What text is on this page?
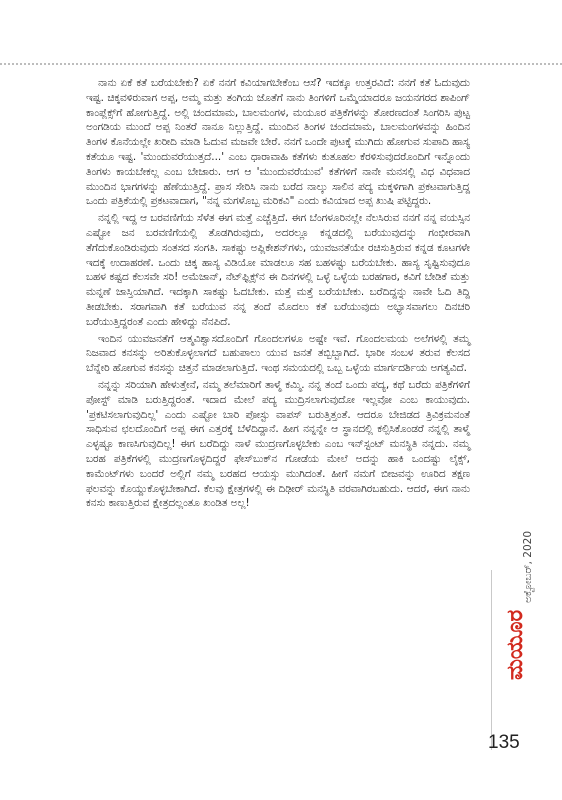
ನಾನು ಏಕೆ ಕತೆ ಬರೆಯಬೇಕು? ಏಕೆ ನನಗೆ ಕವಿಯಾಗಬೇಕೆಂಬ ಆಸೆ? ಇದಕ್ಕೂ ಉತ್ತರವಿದೆ: ನನಗೆ ಕತೆ ಓದುವುದು ಇಷ್ಟ. ಚಿಕ್ಕವಳಿರುವಾಗ ಅಪ್ಪ, ಅಮ್ಮ ಮತ್ತು ತಂಗಿಯ ಜೊತೆಗೆ ನಾನು ತಿಂಗಳಿಗೆ ಒಮ್ಮೆಯಾದರೂ ಜಯನಗರದ ಶಾಪಿಂಗ್ ಕಾಂಪ್ಲೆಕ್ಸ್‌ಗೆ ಹೋಗುತ್ತಿದ್ದೆ. ಅಲ್ಲಿ ಚಂದಮಾಮ, ಬಾಲಮಂಗಳ, ಮಯೂರ ಪತ್ರಿಕೆಗಳನ್ನು ತೋರಣದಂತೆ ಸಿಂಗರಿಸಿ ಪುಟ್ಟ ಅಂಗಡಿಯ ಮುಂದೆ ಅಪ್ಪ ನಿಂತರೆ ನಾನೂ ನಿಲ್ಲುತ್ತಿದ್ದೆ. ಮುಂದಿನ ತಿಂಗಳ ಚಂದಮಾಮ, ಬಾಲಮಂಗಳವನ್ನು ಹಿಂದಿನ ತಿಂಗಳ ಕೊನೆಯಲ್ಲೇ ಖರೀದಿ ಮಾಡಿ ಓದುವ ಮಜವೇ ಬೇರೆ. ನನಗೆ ಒಂದೇ ಪುಟಕ್ಕೆ ಮುಗಿದು ಹೋಗುವ ಸುಪಾದಿ ಹಾಸ್ಯ ಕತೆಯೂ ಇಷ್ಟ. 'ಮುಂದುವರೆಯುತ್ತದೆ...' ಎಂಬ ಧಾರಾವಾಹಿ ಕತೆಗಳು ಕುತೂಹಲ ಕೆರಳಿಸುವುದರೊಂದಿಗೆ ಇನ್ನೊಂದು ತಿಂಗಳು ಕಾಯಬೇಕಲ್ಲ ಎಂಬ ಬೇಜಾರು. ಆಗ ಆ 'ಮುಂದುವರೆಯುವ' ಕತೆಗಳಿಗೆ ನಾನೇ ಮನಸಲ್ಲಿ ವಿಧ ವಿಧವಾದ ಮುಂದಿನ ಭಾಗಗಳನ್ನು ಹೆಣೆಯುತ್ತಿದ್ದೆ. ಪ್ರಾಸ ಸೇರಿಸಿ ನಾನು ಬರೆದ ನಾಲ್ಕು ಸಾಲಿನ ಪದ್ಯ ಮಕ್ಕಳಿಗಾಗಿ ಪ್ರಕಟವಾಗುತ್ತಿದ್ದ ಒಂದು ಪತ್ರಿಕೆಯಲ್ಲಿ ಪ್ರಕಟವಾದಾಗ, "ನನ್ನ ಮಗಳೊಬ್ಬ ಮರಿಕವಿ" ಎಂದು ಕವಿಯಾದ ಅಪ್ಪ ಖುಷಿ ಪಟ್ಟಿದ್ದರು.

ನನ್ನಲ್ಲಿ ಇದ್ದ ಆ ಬರವಣಿಗೆಯ ಸೆಳೆತ ಈಗ ಮತ್ತೆ ಎಚ್ಚೆತ್ತಿದೆ. ಈಗ ಬೆಂಗಳೂರಿನಲ್ಲೇ ನೆಲಸಿರುವ ನನಗೆ ನನ್ನ ವಯಸ್ಸಿನ ಎಷ್ಟೋ ಜನ ಬರವಣಿಗೆಯಲ್ಲಿ ತೊಡಗಿರುವುದು, ಅದರಲ್ಲೂ ಕನ್ನಡದಲ್ಲಿ ಬರೆಯುವುದನ್ನು ಗಂಭೀರವಾಗಿ ತೆಗೆದುಕೊಂಡಿರುವುದು ಸಂತಸದ ಸಂಗತಿ. ಸಾಕಷ್ಟು ಅಪ್ಲಿಕೇಶನ್‌ಗಳು, ಯುವಜನತೆಯೇ ರಚಿಸುತ್ತಿರುವ ಕನ್ನಡ ಕೂಟಗಳೇ ಇದಕ್ಕೆ ಉದಾಹರಣೆ. ಒಂದು ಚಿಕ್ಕ ಹಾಸ್ಯ ವಿಡಿಯೋ ಮಾಡಲೂ ಸಹ ಬಹಳಷ್ಟು ಬರೆಯಬೇಕು. ಹಾಸ್ಯ ಸೃಷ್ಟಿಸುವುದೂ ಬಹಳ ಕಷ್ಟದ ಕೆಲಸವೇ ಸರಿ! ಅಮೆಜಾನ್, ನೆಟ್‌ಫ್ಲಿಕ್ಸ್‌ನ ಈ ದಿನಗಳಲ್ಲಿ ಒಳ್ಳೆ ಒಳ್ಳೆಯ ಬರಹಗಾರ, ಕವಿಗೆ ಬೇಡಿಕೆ ಮತ್ತು ಮನ್ನಣೆ ಜಾಸ್ತಿಯಾಗಿದೆ. ಇದಕ್ಕಾಗಿ ಸಾಕಷ್ಟು ಓದಬೇಕು. ಮತ್ತೆ ಮತ್ತೆ ಬರೆಯಬೇಕು. ಬರೆದಿದ್ದನ್ನು ನಾವೇ ಓದಿ ತಿದ್ದಿ ತೀಡಬೇಕು. ಸರಾಗವಾಗಿ ಕತೆ ಬರೆಯುವ ನನ್ನ ತಂದೆ ಮೊದಲು ಕತೆ ಬರೆಯುವುದು ಅಭ್ಯಾಸವಾಗಲು ದಿನಚರಿ ಬರೆಯುತ್ತಿದ್ದರಂತೆ ಎಂದು ಹೇಳಿದ್ದು ನೆನಪಿದೆ.

ಇಂದಿನ ಯುವಜನತೆಗೆ ಆತ್ಮವಿಶ್ವಾಸದೊಂದಿಗೆ ಗೊಂದಲಗಳೂ ಅಷ್ಟೇ ಇವೆ. ಗೊಂದಲಮಯ ಅಲೆಗಳಲ್ಲಿ ತಮ್ಮ ನಿಜವಾದ ಕನಸನ್ನು ಅರಿತುಕೊಳ್ಳಲಾಗದೆ ಬಹುಪಾಲು ಯುವ ಜನತೆ ತಬ್ಬಿಬ್ಬಾಗಿದೆ. ಭಾರೀ ಸಂಬಳ ತರುವ ಕೆಲಸದ ಬೆನ್ನೇರಿ ಹೋಗುವ ಕನಸನ್ನು ಚಿತ್ತನೆ ಮಾಡಲಾಗುತ್ತಿದೆ. ಇಂಥ ಸಮಯದಲ್ಲಿ ಒಬ್ಬ ಒಳ್ಳೆಯ ಮಾರ್ಗದರ್ಶಿಯ ಅಗತ್ಯವಿದೆ.

ನನ್ನನ್ನು ಸರಿಯಾಗಿ ಹೇಳುತ್ತೇನೆ, ನಮ್ಮ ತಲೆಮಾರಿಗೆ ತಾಳ್ಮೆ ಕಮ್ಮಿ. ನನ್ನ ತಂದೆ ಒಂದು ಪದ್ಯ, ಕಥೆ ಬರೆದು ಪತ್ರಿಕೆಗಳಿಗೆ ಪೋಸ್ಟ್ ಮಾಡಿ ಬರುತ್ತಿದ್ದರಂತೆ. ಇದಾದ ಮೇಲೆ ಪದ್ಯ ಮುದ್ರಿಸಲಾಗುವುದೋ ಇಲ್ಲವೋ ಎಂಬ ಕಾಯುವುದು. 'ಪ್ರಕಟಿಸಲಾಗುವುದಿಲ್ಲ' ಎಂದು ಎಷ್ಟೋ ಬಾರಿ ಪೋಸ್ಟು ವಾಪಸ್ ಬರುತ್ತಿತ್ತಂತೆ. ಆದರೂ ಬೇಜಿಡದ ತ್ರಿವಿಕ್ರಮನಂತೆ ಸಾಧಿಸುವ ಛಲದೊಂದಿಗೆ ಅಪ್ಪ ಈಗ ಎತ್ತರಕ್ಕೆ ಬೆಳೆದಿದ್ದಾನೆ. ಹೀಗ ನನ್ನನ್ನೇ ಆ ಸ್ಥಾನದಲ್ಲಿ ಕಲ್ಪಿಸಿಕೊಂಡರೆ ನನ್ನಲ್ಲಿ ತಾಳ್ಮೆ ಎಳ್ಳಷ್ಟೂ ಕಾಣಸಿಗುವುದಿಲ್ಲ! ಈಗ ಬರೆದಿದ್ದು ನಾಳೆ ಮುದ್ರಣಗೊಳ್ಳಬೇಕು ಎಂಬ ಇನ್‌ಸ್ಟಂಟ್ ಮನಸ್ಥಿತಿ ನನ್ನದು. ನಮ್ಮ ಬರಹ ಪತ್ರಿಕೆಗಳಲ್ಲಿ ಮುದ್ರಣಗೊಳ್ಳದಿದ್ದರೆ ಫೇಸ್‌ಬುಕ್‌ನ ಗೋಡೆಯ ಮೇಲೆ ಅದನ್ನು ಹಾಕಿ ಒಂದಷ್ಟು ಲೈಕ್ಸ್, ಕಾಮೆಂಟ್‌ಗಳು ಬಂದರೆ ಅಲ್ಲಿಗೆ ನಮ್ಮ ಬರಹದ ಆಯಸ್ಸು ಮುಗಿದಂತೆ. ಹೀಗೆ ನಮಗೆ ಬೀಜವನ್ನು ಊರಿದ ತಕ್ಷಣ ಫಲವನ್ನು ಕೊಯ್ದುಕೊಳ್ಳಬೇಕಾಗಿದೆ. ಕೆಲವು ಕ್ಷೇತ್ರಗಳಲ್ಲಿ ಈ ದಿಢೀರ್ ಮನಸ್ಥಿತಿ ವರವಾಗಿರಬಹುದು. ಆದರೆ, ಈಗ ನಾನು ಕನಸು ಕಾಣುತ್ತಿರುವ ಕ್ಷೇತ್ರದಲ್ಲಂತೂ ಖಂಡಿತ ಅಲ್ಲ!

ಮಯೂರ
ಅಕ್ಟೋಬರ್, 2020
135
